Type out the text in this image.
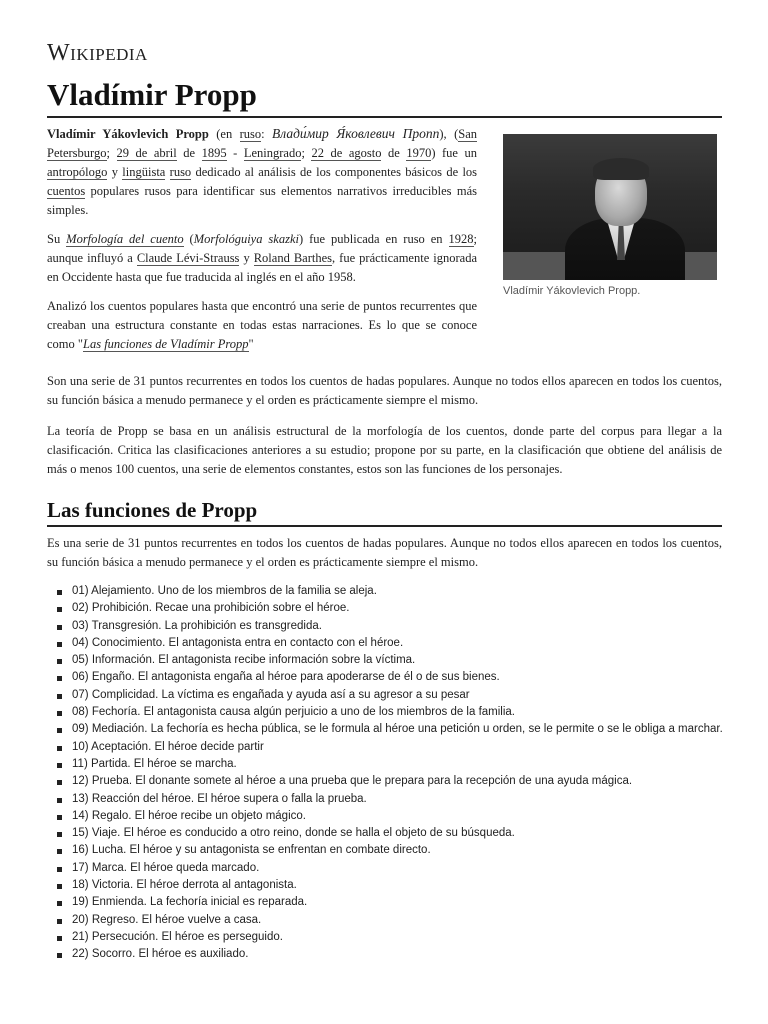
Wikipedia
Vladímir Propp

Vladímir Yákovlevich Propp (en ruso: Влади́мир Я́ковлевич Пропп), (San Petersburgo; 29 de abril de 1895 - Leningrado; 22 de agosto de 1970) fue un antropólogo y lingüista ruso dedicado al análisis de los componentes básicos de los cuentos populares rusos para identificar sus elementos narrativos irreducibles más simples.

Su Morfología del cuento (Morfológuiya skazki) fue publicada en ruso en 1928; aunque influyó a Claude Lévi-Strauss y Roland Barthes, fue prácticamente ignorada en Occidente hasta que fue traducida al inglés en el año 1958.

Analizó los cuentos populares hasta que encontró una serie de puntos recurrentes que creaban una estructura constante en todas estas narraciones. Es lo que se conoce como "Las funciones de Vladímir Propp"

Vladímir Yákovlevich Propp.

Son una serie de 31 puntos recurrentes en todos los cuentos de hadas populares. Aunque no todos ellos aparecen en todos los cuentos, su función básica a menudo permanece y el orden es prácticamente siempre el mismo.

La teoría de Propp se basa en un análisis estructural de la morfología de los cuentos, donde parte del corpus para llegar a la clasificación. Critica las clasificaciones anteriores a su estudio; propone por su parte, en la clasificación que obtiene del análisis de más o menos 100 cuentos, una serie de elementos constantes, estos son las funciones de los personajes.

Las funciones de Propp

Es una serie de 31 puntos recurrentes en todos los cuentos de hadas populares. Aunque no todos ellos aparecen en todos los cuentos, su función básica a menudo permanece y el orden es prácticamente siempre el mismo.

01) Alejamiento. Uno de los miembros de la familia se aleja.
02) Prohibición. Recae una prohibición sobre el héroe.
03) Transgresión. La prohibición es transgredida.
04) Conocimiento. El antagonista entra en contacto con el héroe.
05) Información. El antagonista recibe información sobre la víctima.
06) Engaño. El antagonista engaña al héroe para apoderarse de él o de sus bienes.
07) Complicidad. La víctima es engañada y ayuda así a su agresor a su pesar
08) Fechoría. El antagonista causa algún perjuicio a uno de los miembros de la familia.
09) Mediación. La fechoría es hecha pública, se le formula al héroe una petición u orden, se le permite o se le obliga a marchar.
10) Aceptación. El héroe decide partir
11) Partida. El héroe se marcha.
12) Prueba. El donante somete al héroe a una prueba que le prepara para la recepción de una ayuda mágica.
13) Reacción del héroe. El héroe supera o falla la prueba.
14) Regalo. El héroe recibe un objeto mágico.
15) Viaje. El héroe es conducido a otro reino, donde se halla el objeto de su búsqueda.
16) Lucha. El héroe y su antagonista se enfrentan en combate directo.
17) Marca. El héroe queda marcado.
18) Victoria. El héroe derrota al antagonista.
19) Enmienda. La fechoría inicial es reparada.
20) Regreso. El héroe vuelve a casa.
21) Persecución. El héroe es perseguido.
22) Socorro. El héroe es auxiliado.
